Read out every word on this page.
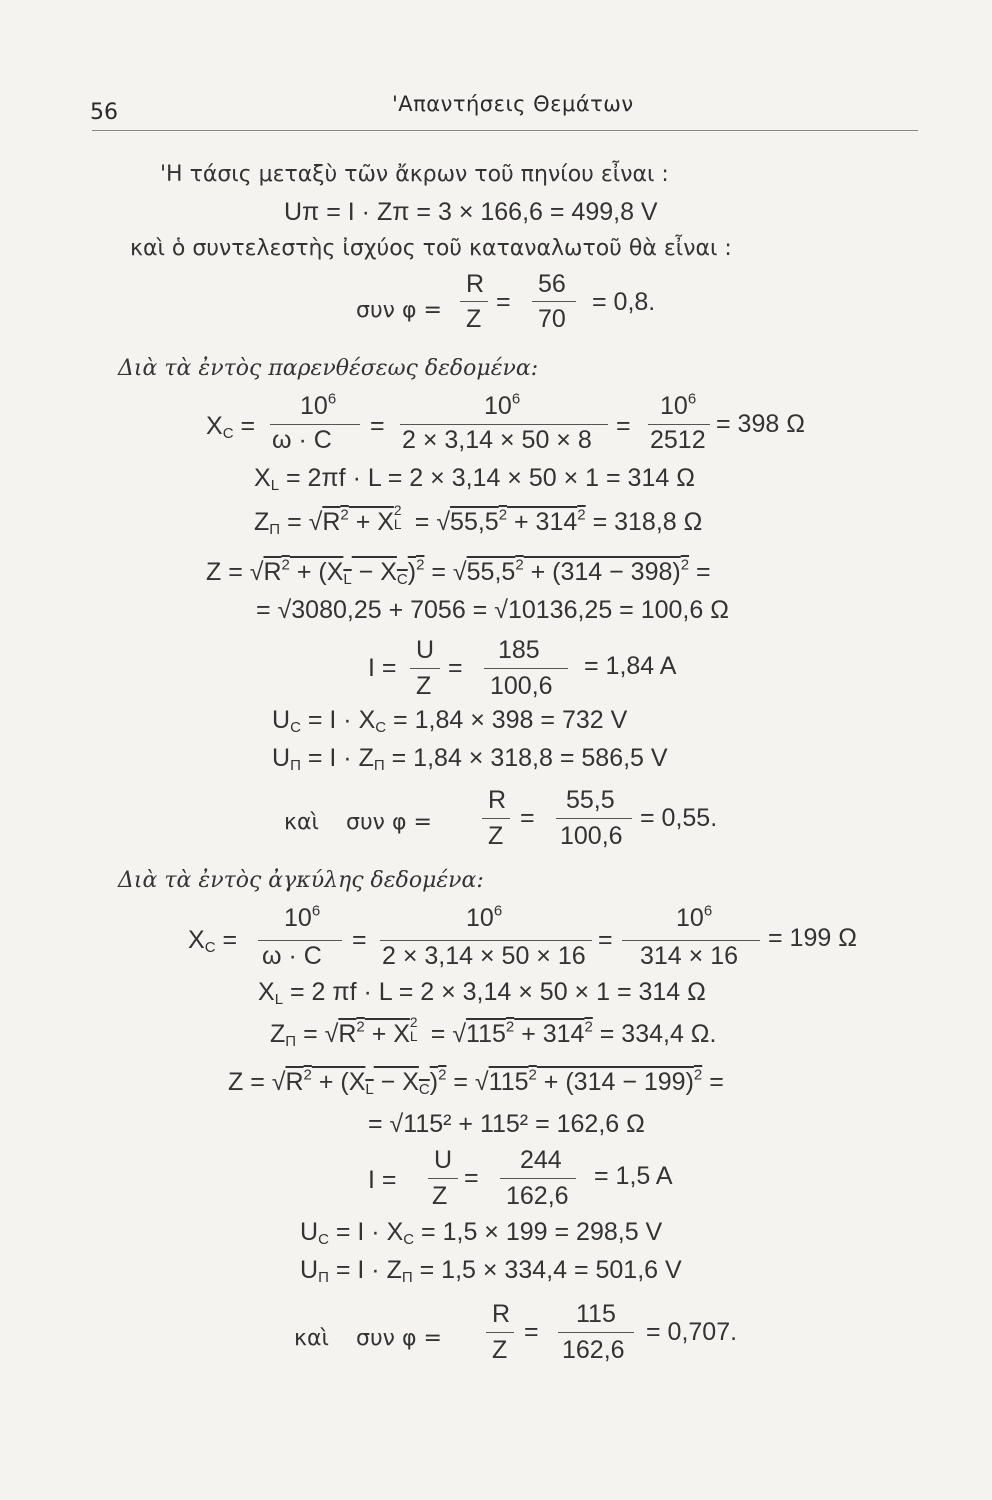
56	'Απαντήσεις Θεμάτων
'Η τάσις μεταξὺ τῶν ἄκρων τοῦ πηνίου εἶναι :
Uπ = I · Zπ = 3 × 166,6 = 499,8 V
καὶ ὁ συντελεστὴς ἰσχύος τοῦ καταναλωτοῦ θὰ εἶναι :
συν φ =
R
Z
=
56
70
= 0,8.
Διὰ τὰ ἐντὸς παρενθέσεως δεδομένα:
$X_C$ =
$10^6$
ω · C =
$10^6$
2 × 3,14 × 50 × 8 =
$10^6$
2512
= 398 Ω
$X_L = 2\pi f \cdot L = 2 \times 3,14 \times 50 \times 1 = 314$ Ω
$Z_\Pi = √R^2 + X$ 2
$L = √55,5^2 + 314^2 = 318,8$ Ω
$Z = √R^2 + (X_L - X_C)^2 = √55,5^2 + (314 - 398)^2$ =
= √3080,25 + 7056 = √10136,25 = 100,6 Ω
I =
U
Z
=
185
100,6
= 1,84 A
$U_C = I \cdot X_C = 1,84 \times 398 = 732$ V
$U_\Pi = I \cdot Z_\Pi = 1,84 \times 318,8 = 586,5$ V
καὶ συν φ =
R
Z
=
55,5
100,6
= 0,55.
Διὰ τὰ ἐντὸς ἀγκύλης δεδομένα:
$X_C$ =
$10^6$
ω · C
=
$10^6$
2 × 3,14 × 50 × 16
=
$10^6$
314 × 16
= 199 Ω
$X_L = 2$ πf · L = 2 × 3,14 × 50 × 1 = 314 Ω
$Z_\Pi = √R^2 + X$ 2
$L = √115^2 + 314^2 = 334,4$ Ω.
$Z = √R^2 + (X_L - X_C)^2 = √115^2 + (314 - 199)^2$ =
= √115² + 115² = 162,6 Ω
I =
U
Z
=
244
162,6
= 1,5 A
$U_C = I \cdot X_C = 1,5 \times 199 = 298,5$ V
$U_\Pi = I \cdot Z_\Pi = 1,5 \times 334,4 = 501,6$ V
καὶ συν φ =
R
Z
=
115
162,6
= 0,707.
